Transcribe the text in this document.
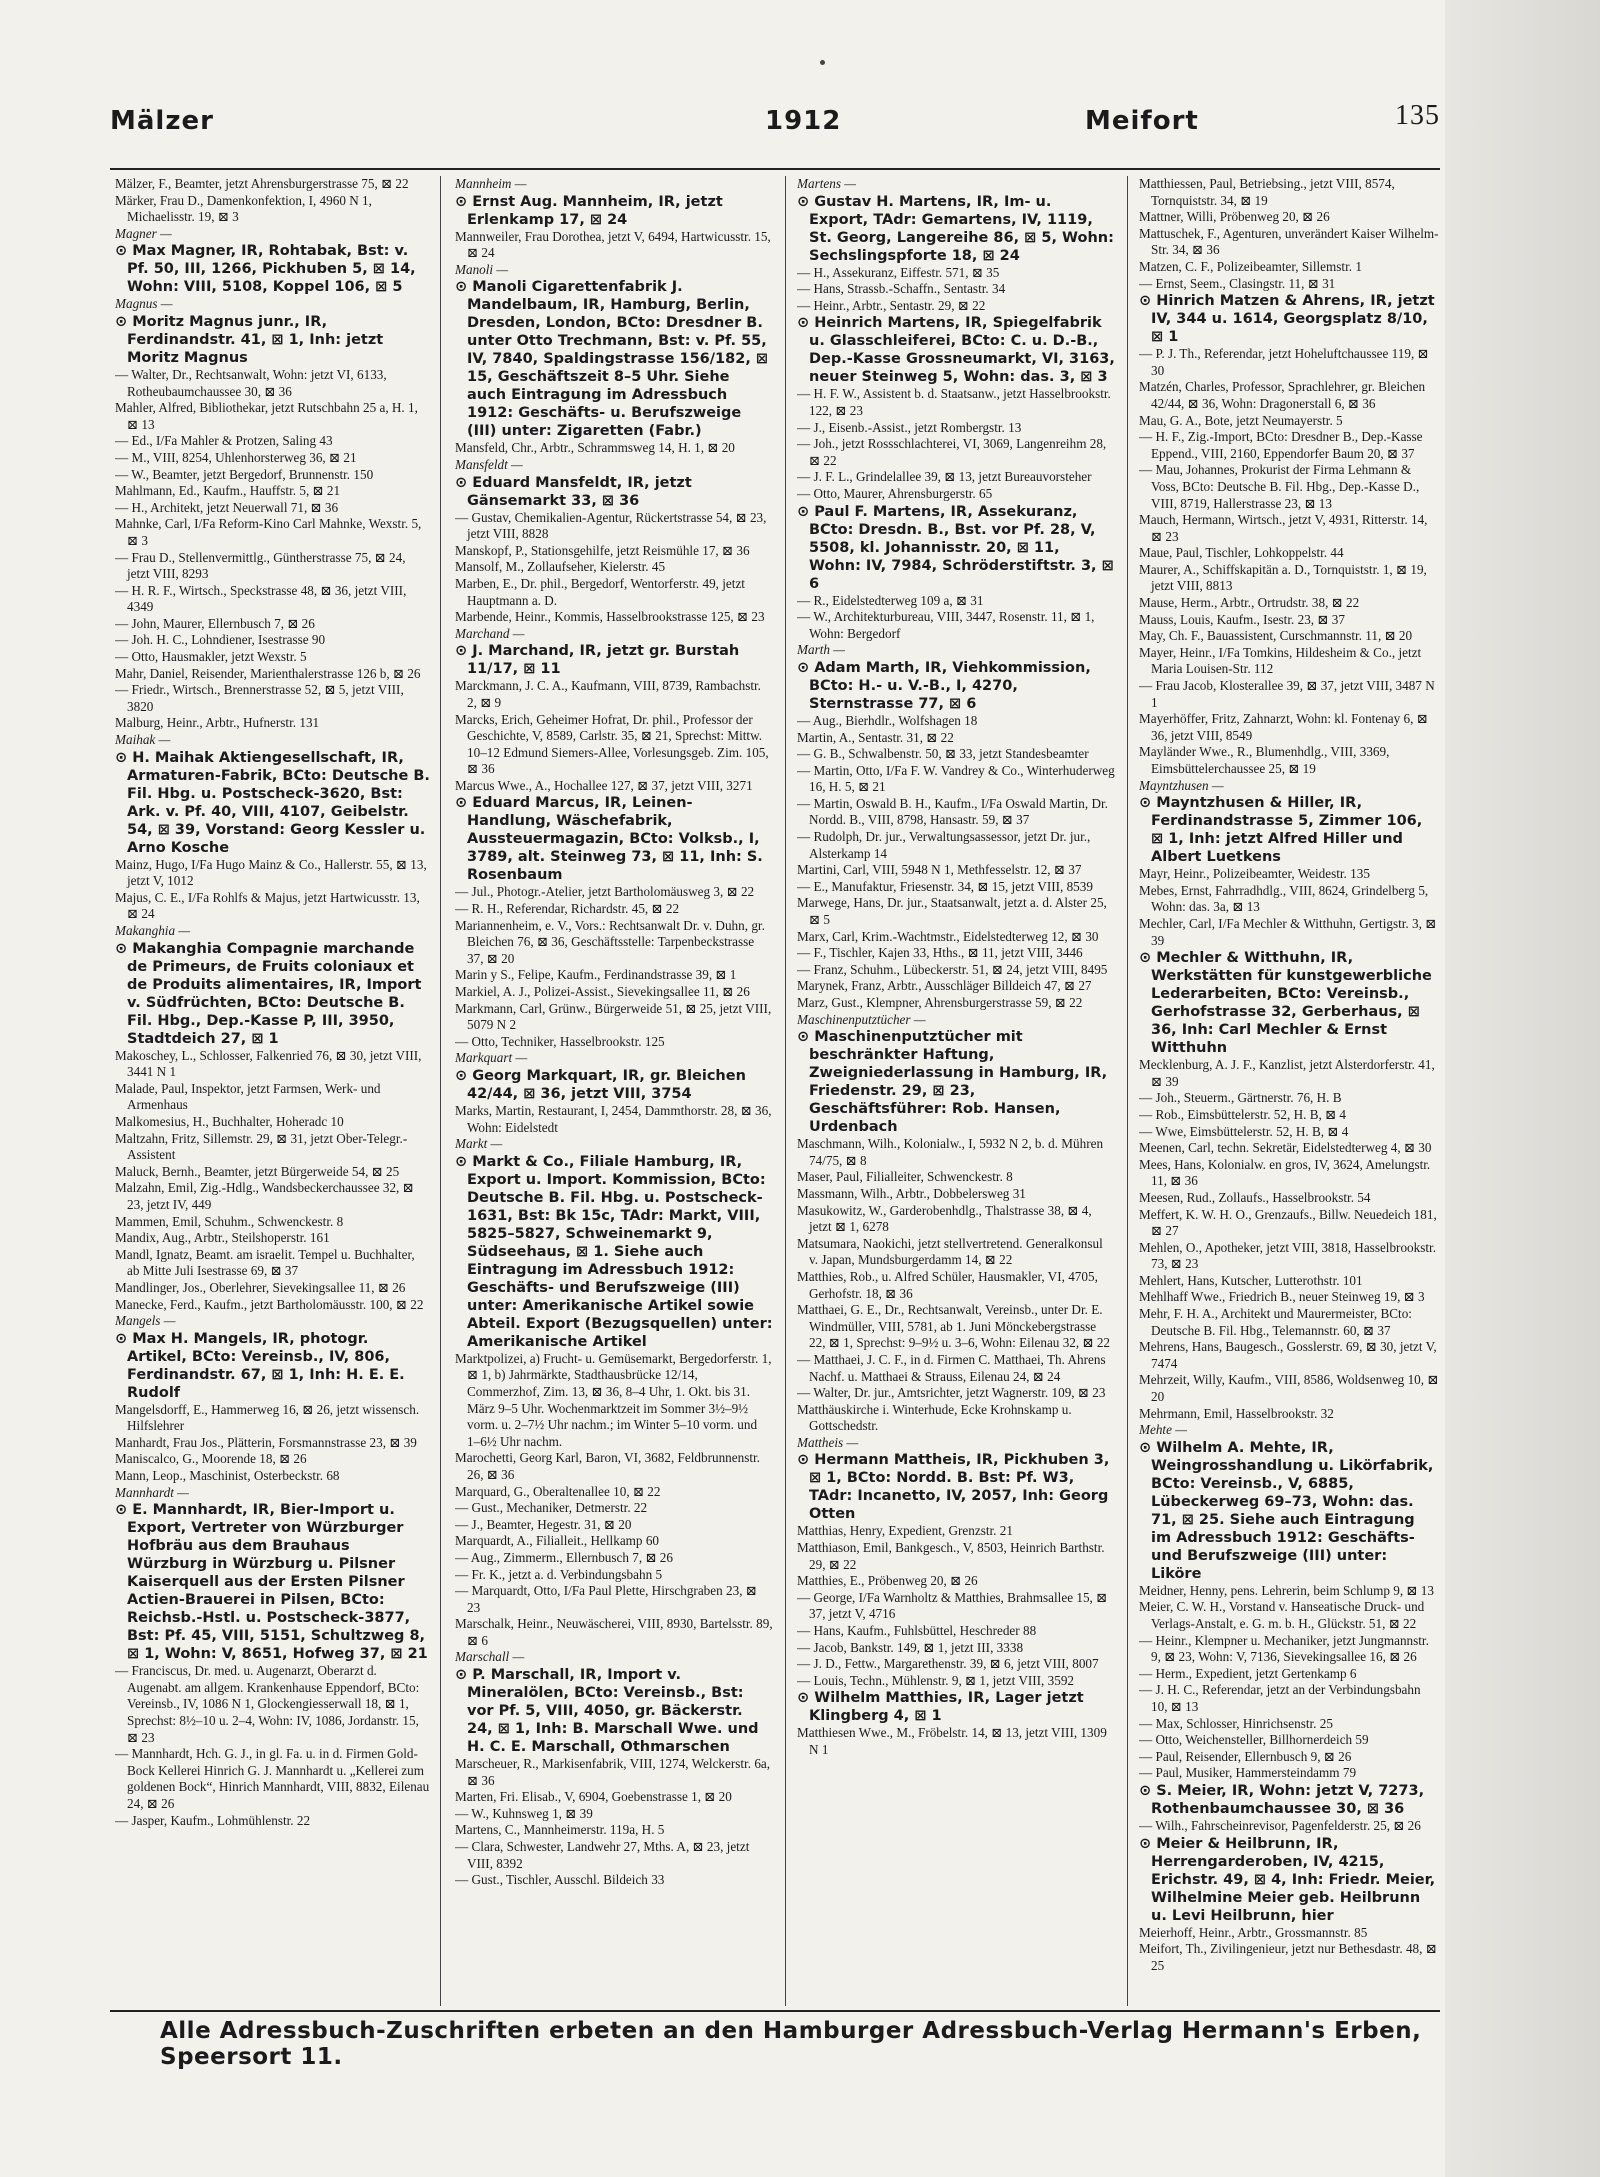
Mälzer	1912	Meifort	135

Mälzer, F., Beamter, jetzt Ahrensburgerstrasse 75, ⊠ 22

Märker, Frau D., Damenkonfektion, I, 4960 N 1, Michaelisstr. 19, ⊠ 3

Magner —

⊙ Max Magner, IR, Rohtabak, Bst: v. Pf. 50, III, 1266, Pickhuben 5, ⊠ 14, Wohn: VIII, 5108, Koppel 106, ⊠ 5

Magnus —

⊙ Moritz Magnus junr., IR, Ferdinandstr. 41, ⊠ 1, Inh: jetzt Moritz Magnus

— Walter, Dr., Rechtsanwalt, Wohn: jetzt VI, 6133, Rotheubaumchaussee 30, ⊠ 36

Mahler, Alfred, Bibliothekar, jetzt Rutschbahn 25 a, H. 1, ⊠ 13

— Ed., I/Fa Mahler & Protzen, Saling 43

— M., VIII, 8254, Uhlenhorsterweg 36, ⊠ 21

— W., Beamter, jetzt Bergedorf, Brunnenstr. 150

Mahlmann, Ed., Kaufm., Hauffstr. 5, ⊠ 21

— H., Architekt, jetzt Neuerwall 71, ⊠ 36

Mahnke, Carl, I/Fa Reform-Kino Carl Mahnke, Wexstr. 5, ⊠ 3

— Frau D., Stellenvermittlg., Güntherstrasse 75, ⊠ 24, jetzt VIII, 8293

— H. R. F., Wirtsch., Speckstrasse 48, ⊠ 36, jetzt VIII, 4349

— John, Maurer, Ellernbusch 7, ⊠ 26

— Joh. H. C., Lohndiener, Isestrasse 90

— Otto, Hausmakler, jetzt Wexstr. 5

Mahr, Daniel, Reisender, Marienthalerstrasse 126 b, ⊠ 26

— Friedr., Wirtsch., Brennerstrasse 52, ⊠ 5, jetzt VIII, 3820

Malburg, Heinr., Arbtr., Hufnerstr. 131

Maihak —

⊙ H. Maihak Aktiengesellschaft, IR, Armaturen-Fabrik, BCto: Deutsche B. Fil. Hbg. u. Postscheck-3620, Bst: Ark. v. Pf. 40, VIII, 4107, Geibelstr. 54, ⊠ 39, Vorstand: Georg Kessler u. Arno Kosche

Mainz, Hugo, I/Fa Hugo Mainz & Co., Hallerstr. 55, ⊠ 13, jetzt V, 1012

Majus, C. E., I/Fa Rohlfs & Majus, jetzt Hartwicusstr. 13, ⊠ 24

Makanghia —

⊙ Makanghia Compagnie marchande de Primeurs, de Fruits coloniaux et de Produits alimentaires, IR, Import v. Südfrüchten, BCto: Deutsche B. Fil. Hbg., Dep.-Kasse P, III, 3950, Stadtdeich 27, ⊠ 1

Makoschey, L., Schlosser, Falkenried 76, ⊠ 30, jetzt VIII, 3441 N 1

Malade, Paul, Inspektor, jetzt Farmsen, Werk- und Armenhaus

Malkomesius, H., Buchhalter, Hoheradc 10

Maltzahn, Fritz, Sillemstr. 29, ⊠ 31, jetzt Ober-Telegr.-Assistent

Maluck, Bernh., Beamter, jetzt Bürgerweide 54, ⊠ 25

Malzahn, Emil, Zig.-Hdlg., Wandsbeckerchaussee 32, ⊠ 23, jetzt IV, 449

Mammen, Emil, Schuhm., Schwenckestr. 8

Mandix, Aug., Arbtr., Steilshoperstr. 161

Mandl, Ignatz, Beamt. am israelit. Tempel u. Buchhalter, ab Mitte Juli Isestrasse 69, ⊠ 37

Mandlinger, Jos., Oberlehrer, Sievekingsallee 11, ⊠ 26

Manecke, Ferd., Kaufm., jetzt Bartholomäusstr. 100, ⊠ 22

Mangels —

⊙ Max H. Mangels, IR, photogr. Artikel, BCto: Vereinsb., IV, 806, Ferdinandstr. 67, ⊠ 1, Inh: H. E. E. Rudolf

Mangelsdorff, E., Hammerweg 16, ⊠ 26, jetzt wissensch. Hilfslehrer

Manhardt, Frau Jos., Plätterin, Forsmannstrasse 23, ⊠ 39

Maniscalco, G., Moorende 18, ⊠ 26

Mann, Leop., Maschinist, Osterbeckstr. 68

Mannhardt —

⊙ E. Mannhardt, IR, Bier-Import u. Export, Vertreter von Würzburger Hofbräu aus dem Brauhaus Würzburg in Würzburg u. Pilsner Kaiserquell aus der Ersten Pilsner Actien-Brauerei in Pilsen, BCto: Reichsb.-Hstl. u. Postscheck-3877, Bst: Pf. 45, VIII, 5151, Schultzweg 8, ⊠ 1, Wohn: V, 8651, Hofweg 37, ⊠ 21

— Franciscus, Dr. med. u. Augenarzt, Oberarzt d. Augenabt. am allgem. Krankenhause Eppendorf, BCto: Vereinsb., IV, 1086 N 1, Glockengiesserwall 18, ⊠ 1, Sprechst: 8½–10 u. 2–4, Wohn: IV, 1086, Jordanstr. 15, ⊠ 23

— Mannhardt, Hch. G. J., in gl. Fa. u. in d. Firmen Gold-Bock Kellerei Hinrich G. J. Mannhardt u. „Kellerei zum goldenen Bock“, Hinrich Mannhardt, VIII, 8832, Eilenau 24, ⊠ 26

— Jasper, Kaufm., Lohmühlenstr. 22

Mannheim —

⊙ Ernst Aug. Mannheim, IR, jetzt Erlenkamp 17, ⊠ 24

Mannweiler, Frau Dorothea, jetzt V, 6494, Hartwicusstr. 15, ⊠ 24

Manoli —

⊙ Manoli Cigarettenfabrik J. Mandelbaum, IR, Hamburg, Berlin, Dresden, London, BCto: Dresdner B. unter Otto Trechmann, Bst: v. Pf. 55, IV, 7840, Spaldingstrasse 156/182, ⊠ 15, Geschäftszeit 8–5 Uhr. Siehe auch Eintragung im Adressbuch 1912: Geschäfts- u. Berufszweige (III) unter: Zigaretten (Fabr.)

Mansfeld, Chr., Arbtr., Schrammsweg 14, H. 1, ⊠ 20

Mansfeldt —

⊙ Eduard Mansfeldt, IR, jetzt Gänsemarkt 33, ⊠ 36

— Gustav, Chemikalien-Agentur, Rückertstrasse 54, ⊠ 23, jetzt VIII, 8828

Manskopf, P., Stationsgehilfe, jetzt Reismühle 17, ⊠ 36

Mansolf, M., Zollaufseher, Kielerstr. 45

Marben, E., Dr. phil., Bergedorf, Wentorferstr. 49, jetzt Hauptmann a. D.

Marbende, Heinr., Kommis, Hasselbrookstrasse 125, ⊠ 23

Marchand —

⊙ J. Marchand, IR, jetzt gr. Burstah 11/17, ⊠ 11

Marckmann, J. C. A., Kaufmann, VIII, 8739, Rambachstr. 2, ⊠ 9

Marcks, Erich, Geheimer Hofrat, Dr. phil., Professor der Geschichte, V, 8589, Carlstr. 35, ⊠ 21, Sprechst: Mittw. 10–12 Edmund Siemers-Allee, Vorlesungsgeb. Zim. 105, ⊠ 36

Marcus Wwe., A., Hochallee 127, ⊠ 37, jetzt VIII, 3271

⊙ Eduard Marcus, IR, Leinen-Handlung, Wäschefabrik, Aussteuermagazin, BCto: Volksb., I, 3789, alt. Steinweg 73, ⊠ 11, Inh: S. Rosenbaum

— Jul., Photogr.-Atelier, jetzt Bartholomäusweg 3, ⊠ 22

— R. H., Referendar, Richardstr. 45, ⊠ 22

Mariannenheim, e. V., Vors.: Rechtsanwalt Dr. v. Duhn, gr. Bleichen 76, ⊠ 36, Geschäftsstelle: Tarpenbeckstrasse 37, ⊠ 20

Marin y S., Felipe, Kaufm., Ferdinandstrasse 39, ⊠ 1

Markiel, A. J., Polizei-Assist., Sievekingsallee 11, ⊠ 26

Markmann, Carl, Grünw., Bürgerweide 51, ⊠ 25, jetzt VIII, 5079 N 2

— Otto, Techniker, Hasselbrookstr. 125

Markquart —

⊙ Georg Markquart, IR, gr. Bleichen 42/44, ⊠ 36, jetzt VIII, 3754

Marks, Martin, Restaurant, I, 2454, Dammthorstr. 28, ⊠ 36, Wohn: Eidelstedt

Markt —

⊙ Markt & Co., Filiale Hamburg, IR, Export u. Import. Kommission, BCto: Deutsche B. Fil. Hbg. u. Postscheck-1631, Bst: Bk 15c, TAdr: Markt, VIII, 5825–5827, Schweinemarkt 9, Südseehaus, ⊠ 1. Siehe auch Eintragung im Adressbuch 1912: Geschäfts- und Berufszweige (III) unter: Amerikanische Artikel sowie Abteil. Export (Bezugsquellen) unter: Amerikanische Artikel

Marktpolizei, a) Frucht- u. Gemüsemarkt, Bergedorferstr. 1, ⊠ 1, b) Jahrmärkte, Stadthausbrücke 12/14, Commerzhof, Zim. 13, ⊠ 36, 8–4 Uhr, 1. Okt. bis 31. März 9–5 Uhr. Wochenmarktzeit im Sommer 3½–9½ vorm. u. 2–7½ Uhr nachm.; im Winter 5–10 vorm. und 1–6½ Uhr nachm.

Marochetti, Georg Karl, Baron, VI, 3682, Feldbrunnenstr. 26, ⊠ 36

Marquard, G., Oberaltenallee 10, ⊠ 22

— Gust., Mechaniker, Detmerstr. 22

— J., Beamter, Hegestr. 31, ⊠ 20

Marquardt, A., Filialleit., Hellkamp 60

— Aug., Zimmerm., Ellernbusch 7, ⊠ 26

— Fr. K., jetzt a. d. Verbindungsbahn 5

— Marquardt, Otto, I/Fa Paul Plette, Hirschgraben 23, ⊠ 23

Marschalk, Heinr., Neuwäscherei, VIII, 8930, Bartelsstr. 89, ⊠ 6

Marschall —

⊙ P. Marschall, IR, Import v. Mineralölen, BCto: Vereinsb., Bst: vor Pf. 5, VIII, 4050, gr. Bäckerstr. 24, ⊠ 1, Inh: B. Marschall Wwe. und H. C. E. Marschall, Othmarschen

Marscheuer, R., Markisenfabrik, VIII, 1274, Welckerstr. 6a, ⊠ 36

Marten, Fri. Elisab., V, 6904, Goebenstrasse 1, ⊠ 20

— W., Kuhnsweg 1, ⊠ 39

Martens, C., Mannheimerstr. 119a, H. 5

— Clara, Schwester, Landwehr 27, Mths. A, ⊠ 23, jetzt VIII, 8392

— Gust., Tischler, Ausschl. Bildeich 33

Martens —

⊙ Gustav H. Martens, IR, Im- u. Export, TAdr: Gemartens, IV, 1119, St. Georg, Langereihe 86, ⊠ 5, Wohn: Sechslingspforte 18, ⊠ 24

— H., Assekuranz, Eiffestr. 571, ⊠ 35

— Hans, Strassb.-Schaffn., Sentastr. 34

— Heinr., Arbtr., Sentastr. 29, ⊠ 22

⊙ Heinrich Martens, IR, Spiegelfabrik u. Glasschleiferei, BCto: C. u. D.-B., Dep.-Kasse Grossneumarkt, VI, 3163, neuer Steinweg 5, Wohn: das. 3, ⊠ 3

— H. F. W., Assistent b. d. Staatsanw., jetzt Hasselbrookstr. 122, ⊠ 23

— J., Eisenb.-Assist., jetzt Rombergstr. 13

— Joh., jetzt Rossschlachterei, VI, 3069, Langenreihm 28, ⊠ 22

— J. F. L., Grindelallee 39, ⊠ 13, jetzt Bureauvorsteher

— Otto, Maurer, Ahrensburgerstr. 65

⊙ Paul F. Martens, IR, Assekuranz, BCto: Dresdn. B., Bst. vor Pf. 28, V, 5508, kl. Johannisstr. 20, ⊠ 11, Wohn: IV, 7984, Schröderstiftstr. 3, ⊠ 6

— R., Eidelstedterweg 109 a, ⊠ 31

— W., Architekturbureau, VIII, 3447, Rosenstr. 11, ⊠ 1, Wohn: Bergedorf

Marth —

⊙ Adam Marth, IR, Viehkommission, BCto: H.- u. V.-B., I, 4270, Sternstrasse 77, ⊠ 6

— Aug., Bierhdlr., Wolfshagen 18

Martin, A., Sentastr. 31, ⊠ 22

— G. B., Schwalbenstr. 50, ⊠ 33, jetzt Standesbeamter

— Martin, Otto, I/Fa F. W. Vandrey & Co., Winterhuderweg 16, H. 5, ⊠ 21

— Martin, Oswald B. H., Kaufm., I/Fa Oswald Martin, Dr. Nordd. B., VIII, 8798, Hansastr. 59, ⊠ 37

— Rudolph, Dr. jur., Verwaltungsassessor, jetzt Dr. jur., Alsterkamp 14

Martini, Carl, VIII, 5948 N 1, Methfesselstr. 12, ⊠ 37

— E., Manufaktur, Friesenstr. 34, ⊠ 15, jetzt VIII, 8539

Marwege, Hans, Dr. jur., Staatsanwalt, jetzt a. d. Alster 25, ⊠ 5

Marx, Carl, Krim.-Wachtmstr., Eidelstedterweg 12, ⊠ 30

— F., Tischler, Kajen 33, Hths., ⊠ 11, jetzt VIII, 3446

— Franz, Schuhm., Lübeckerstr. 51, ⊠ 24, jetzt VIII, 8495

Marynek, Franz, Arbtr., Ausschläger Billdeich 47, ⊠ 27

Marz, Gust., Klempner, Ahrensburgerstrasse 59, ⊠ 22

Maschinenputztücher —

⊙ Maschinenputztücher mit beschränkter Haftung, Zweigniederlassung in Hamburg, IR, Friedenstr. 29, ⊠ 23, Geschäftsführer: Rob. Hansen, Urdenbach

Maschmann, Wilh., Kolonialw., I, 5932 N 2, b. d. Mühren 74/75, ⊠ 8

Maser, Paul, Filialleiter, Schwenckestr. 8

Massmann, Wilh., Arbtr., Dobbelersweg 31

Masukowitz, W., Garderobenhdlg., Thalstrasse 38, ⊠ 4, jetzt ⊠ 1, 6278

Matsumara, Naokichi, jetzt stellvertretend. Generalkonsul v. Japan, Mundsburgerdamm 14, ⊠ 22

Matthies, Rob., u. Alfred Schüler, Hausmakler, VI, 4705, Gerhofstr. 18, ⊠ 36

Matthaei, G. E., Dr., Rechtsanwalt, Vereinsb., unter Dr. E. Windmüller, VIII, 5781, ab 1. Juni Mönckebergstrasse 22, ⊠ 1, Sprechst: 9–9½ u. 3–6, Wohn: Eilenau 32, ⊠ 22

— Matthaei, J. C. F., in d. Firmen C. Matthaei, Th. Ahrens Nachf. u. Matthaei & Strauss, Eilenau 24, ⊠ 24

— Walter, Dr. jur., Amtsrichter, jetzt Wagnerstr. 109, ⊠ 23

Matthäuskirche i. Winterhude, Ecke Krohnskamp u. Gottschedstr.

Mattheis —

⊙ Hermann Mattheis, IR, Pickhuben 3, ⊠ 1, BCto: Nordd. B. Bst: Pf. W3, TAdr: Incanetto, IV, 2057, Inh: Georg Otten

Matthias, Henry, Expedient, Grenzstr. 21

Matthiason, Emil, Bankgesch., V, 8503, Heinrich Barthstr. 29, ⊠ 22

Matthies, E., Pröbenweg 20, ⊠ 26

— George, I/Fa Warnholtz & Matthies, Brahmsallee 15, ⊠ 37, jetzt V, 4716

— Hans, Kaufm., Fuhlsbüttel, Heschrеder 88

— Jacob, Bankstr. 149, ⊠ 1, jetzt III, 3338

— J. D., Fettw., Margarethenstr. 39, ⊠ 6, jetzt VIII, 8007

— Louis, Techn., Mühlenstr. 9, ⊠ 1, jetzt VIII, 3592

⊙ Wilhelm Matthies, IR, Lager jetzt Klingberg 4, ⊠ 1

Matthiesen Wwe., M., Fröbelstr. 14, ⊠ 13, jetzt VIII, 1309 N 1

Matthiessen, Paul, Betriebsing., jetzt VIII, 8574, Tornquiststr. 34, ⊠ 19

Mattner, Willi, Pröbenweg 20, ⊠ 26

Mattuschek, F., Agenturen, unverändert Kaiser Wilhelm-Str. 34, ⊠ 36

Matzen, C. F., Polizeibeamter, Sillemstr. 1

— Ernst, Seem., Clasingstr. 11, ⊠ 31

⊙ Hinrich Matzen & Ahrens, IR, jetzt IV, 344 u. 1614, Georgsplatz 8/10, ⊠ 1

— P. J. Th., Referendar, jetzt Hoheluftchaussee 119, ⊠ 30

Matzén, Charles, Professor, Sprachlehrer, gr. Bleichen 42/44, ⊠ 36, Wohn: Dragonerstall 6, ⊠ 36

Mau, G. A., Bote, jetzt Neumayerstr. 5

— H. F., Zig.-Import, BCto: Dresdner B., Dep.-Kasse Eppend., VIII, 2160, Eppendorfer Baum 20, ⊠ 37

— Mau, Johannes, Prokurist der Firma Lehmann & Voss, BCto: Deutsche B. Fil. Hbg., Dep.-Kasse D., VIII, 8719, Hallerstrasse 23, ⊠ 13

Mauch, Hermann, Wirtsch., jetzt V, 4931, Ritterstr. 14, ⊠ 23

Maue, Paul, Tischler, Lohkoppelstr. 44

Maurer, A., Schiffskapitän a. D., Tornquiststr. 1, ⊠ 19, jetzt VIII, 8813

Mause, Herm., Arbtr., Ortrudstr. 38, ⊠ 22

Mauss, Louis, Kaufm., Isestr. 23, ⊠ 37

May, Ch. F., Bauassistent, Curschmannstr. 11, ⊠ 20

Mayer, Heinr., I/Fa Tomkins, Hildesheim & Co., jetzt Maria Louisen-Str. 112

— Frau Jacob, Klosterallee 39, ⊠ 37, jetzt VIII, 3487 N 1

Mayerhöffer, Fritz, Zahnarzt, Wohn: kl. Fontenay 6, ⊠ 36, jetzt VIII, 8549

Mayländer Wwe., R., Blumenhdlg., VIII, 3369, Eimsbüttelerchaussee 25, ⊠ 19

Mayntzhusen —

⊙ Mayntzhusen & Hiller, IR, Ferdinandstrasse 5, Zimmer 106, ⊠ 1, Inh: jetzt Alfred Hiller und Albert Luetkens

Mayr, Heinr., Polizeibeamter, Weidestr. 135

Mebes, Ernst, Fahrradhdlg., VIII, 8624, Grindelberg 5, Wohn: das. 3a, ⊠ 13

Mechler, Carl, I/Fa Mechler & Witthuhn, Gertigstr. 3, ⊠ 39

⊙ Mechler & Witthuhn, IR, Werkstätten für kunstgewerbliche Lederarbeiten, BCto: Vereinsb., Gerhofstrasse 32, Gerberhaus, ⊠ 36, Inh: Carl Mechler & Ernst Witthuhn

Mecklenburg, A. J. F., Kanzlist, jetzt Alsterdorferstr. 41, ⊠ 39

— Joh., Steuerm., Gärtnerstr. 76, H. B

— Rob., Eimsbüttelerstr. 52, H. B, ⊠ 4

— Wwe, Eimsbüttelerstr. 52, H. B, ⊠ 4

Meenen, Carl, techn. Sekretär, Eidelstedterweg 4, ⊠ 30

Mees, Hans, Kolonialw. en gros, IV, 3624, Amelungstr. 11, ⊠ 36

Meesen, Rud., Zollaufs., Hasselbrookstr. 54

Meffert, K. W. H. O., Grenzaufs., Billw. Neuedeich 181, ⊠ 27

Mehlen, O., Apotheker, jetzt VIII, 3818, Hasselbrookstr. 73, ⊠ 23

Mehlert, Hans, Kutscher, Lutterothstr. 101

Mehlhaff Wwe., Friedrich B., neuer Steinweg 19, ⊠ 3

Mehr, F. H. A., Architekt und Maurermeister, BCto: Deutsche B. Fil. Hbg., Telemannstr. 60, ⊠ 37

Mehrens, Hans, Baugesch., Gosslerstr. 69, ⊠ 30, jetzt V, 7474

Mehrzeit, Willy, Kaufm., VIII, 8586, Woldsenweg 10, ⊠ 20

Mehrmann, Emil, Hasselbrookstr. 32

Mehte —

⊙ Wilhelm A. Mehte, IR, Weingrosshandlung u. Likörfabrik, BCto: Vereinsb., V, 6885, Lübeckerweg 69–73, Wohn: das. 71, ⊠ 25. Siehe auch Eintragung im Adressbuch 1912: Geschäfts- und Berufszweige (III) unter: Liköre

Meidner, Henny, pens. Lehrerin, beim Schlump 9, ⊠ 13

Meier, C. W. H., Vorstand v. Hanseatische Druck- und Verlags-Anstalt, e. G. m. b. H., Glückstr. 51, ⊠ 22

— Heinr., Klempner u. Mechaniker, jetzt Jungmannstr. 9, ⊠ 23, Wohn: V, 7136, Sievekingsallee 16, ⊠ 26

— Herm., Expedient, jetzt Gertenkamp 6

— J. H. C., Referendar, jetzt an der Verbindungsbahn 10, ⊠ 13

— Max, Schlosser, Hinrichsenstr. 25

— Otto, Weichensteller, Billhornerdeich 59

— Paul, Reisender, Ellernbusch 9, ⊠ 26

— Paul, Musiker, Hammersteindamm 79

⊙ S. Meier, IR, Wohn: jetzt V, 7273, Rothenbaumchaussee 30, ⊠ 36

— Wilh., Fahrscheinrevisor, Pagenfelderstr. 25, ⊠ 26

⊙ Meier & Heilbrunn, IR, Herrengarderoben, IV, 4215, Erichstr. 49, ⊠ 4, Inh: Friedr. Meier, Wilhelmine Meier geb. Heilbrunn u. Levi Heilbrunn, hier

Meierhoff, Heinr., Arbtr., Grossmannstr. 85

Meifort, Th., Zivilingenieur, jetzt nur Bethesdastr. 48, ⊠ 25

Alle Adressbuch-Zuschriften erbeten an den Hamburger Adressbuch-Verlag Hermann's Erben, Speersort 11.
